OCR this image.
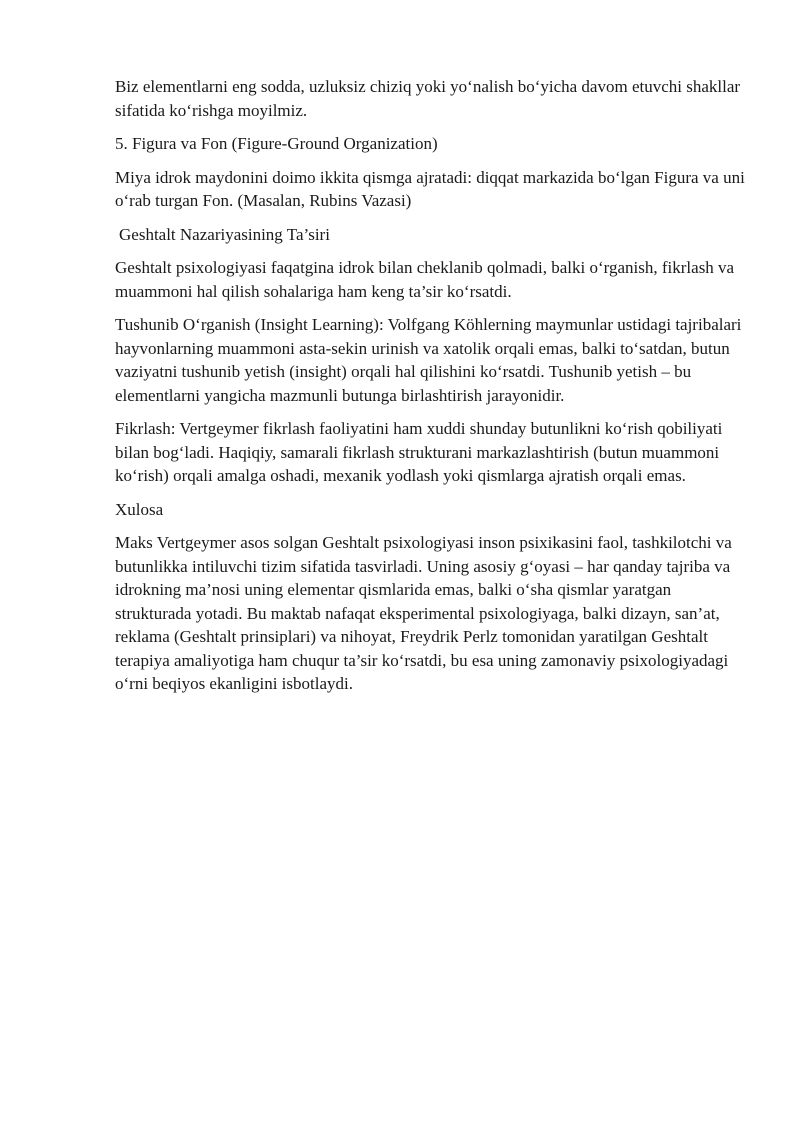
Biz elementlarni eng sodda, uzluksiz chiziq yoki yo‘nalish bo‘yicha davom etuvchi shakllar sifatida ko‘rishga moyilmiz.

5. Figura va Fon (Figure-Ground Organization)

Miya idrok maydonini doimo ikkita qismga ajratadi: diqqat markazida bo‘lgan Figura va uni o‘rab turgan Fon. (Masalan, Rubins Vazasi)

Geshtalt Nazariyasining Ta’siri

Geshtalt psixologiyasi faqatgina idrok bilan cheklanib qolmadi, balki o‘rganish, fikrlash va muammoni hal qilish sohalariga ham keng ta’sir ko‘rsatdi.

Tushunib O‘rganish (Insight Learning): Volfgang Köhlerning maymunlar ustidagi tajribalari hayvonlarning muammoni asta-sekin urinish va xatolik orqali emas, balki to‘satdan, butun vaziyatni tushunib yetish (insight) orqali hal qilishini ko‘rsatdi. Tushunib yetish – bu elementlarni yangicha mazmunli butunga birlashtirish jarayonidir.

Fikrlash: Vertgeymer fikrlash faoliyatini ham xuddi shunday butunlikni ko‘rish qobiliyati bilan bog‘ladi. Haqiqiy, samarali fikrlash strukturani markazlashtirish (butun muammoni ko‘rish) orqali amalga oshadi, mexanik yodlash yoki qismlarga ajratish orqali emas.

Xulosa

Maks Vertgeymer asos solgan Geshtalt psixologiyasi inson psixikasini faol, tashkilotchi va butunlikka intiluvchi tizim sifatida tasvirladi. Uning asosiy g‘oyasi – har qanday tajriba va idrokning ma’nosi uning elementar qismlarida emas, balki o‘sha qismlar yaratgan strukturada yotadi. Bu maktab nafaqat eksperimental psixologiyaga, balki dizayn, san’at, reklama (Geshtalt prinsiplari) va nihoyat, Freydrik Perlz tomonidan yaratilgan Geshtalt terapiya amaliyotiga ham chuqur ta’sir ko‘rsatdi, bu esa uning zamonaviy psixologiyadagi o‘rni beqiyos ekanligini isbotlaydi.
